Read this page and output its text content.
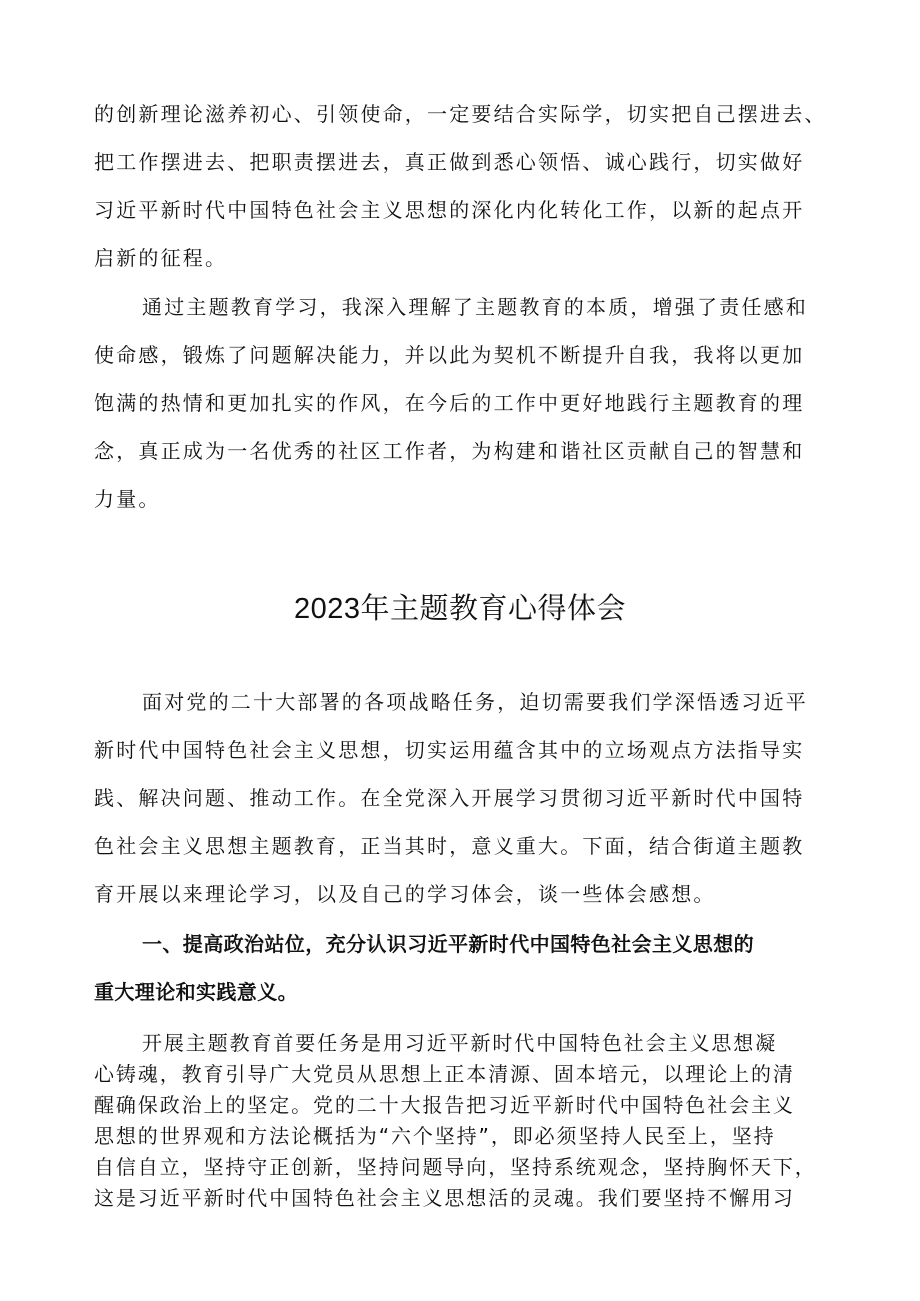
的创新理论滋养初心、引领使命，一定要结合实际学，切实把自己摆进去、
把工作摆进去、把职责摆进去，真正做到悉心领悟、诚心践行，切实做好
习近平新时代中国特色社会主义思想的深化内化转化工作，以新的起点开
启新的征程。
通过主题教育学习，我深入理解了主题教育的本质，增强了责任感和
使命感，锻炼了问题解决能力，并以此为契机不断提升自我，我将以更加
饱满的热情和更加扎实的作风，在今后的工作中更好地践行主题教育的理
念，真正成为一名优秀的社区工作者，为构建和谐社区贡献自己的智慧和
力量。
2023年主题教育心得体会
面对党的二十大部署的各项战略任务，迫切需要我们学深悟透习近平
新时代中国特色社会主义思想，切实运用蕴含其中的立场观点方法指导实
践、解决问题、推动工作。在全党深入开展学习贯彻习近平新时代中国特
色社会主义思想主题教育，正当其时，意义重大。下面，结合街道主题教
育开展以来理论学习，以及自己的学习体会，谈一些体会感想。
一、提高政治站位，充分认识习近平新时代中国特色社会主义思想的
重大理论和实践意义。
开展主题教育首要任务是用习近平新时代中国特色社会主义思想凝
心铸魂，教育引导广大党员从思想上正本清源、固本培元，以理论上的清
醒确保政治上的坚定。党的二十大报告把习近平新时代中国特色社会主义
思想的世界观和方法论概括为“六个坚持”，即必须坚持人民至上，坚持
自信自立，坚持守正创新，坚持问题导向，坚持系统观念，坚持胸怀天下，
这是习近平新时代中国特色社会主义思想活的灵魂。我们要坚持不懈用习
